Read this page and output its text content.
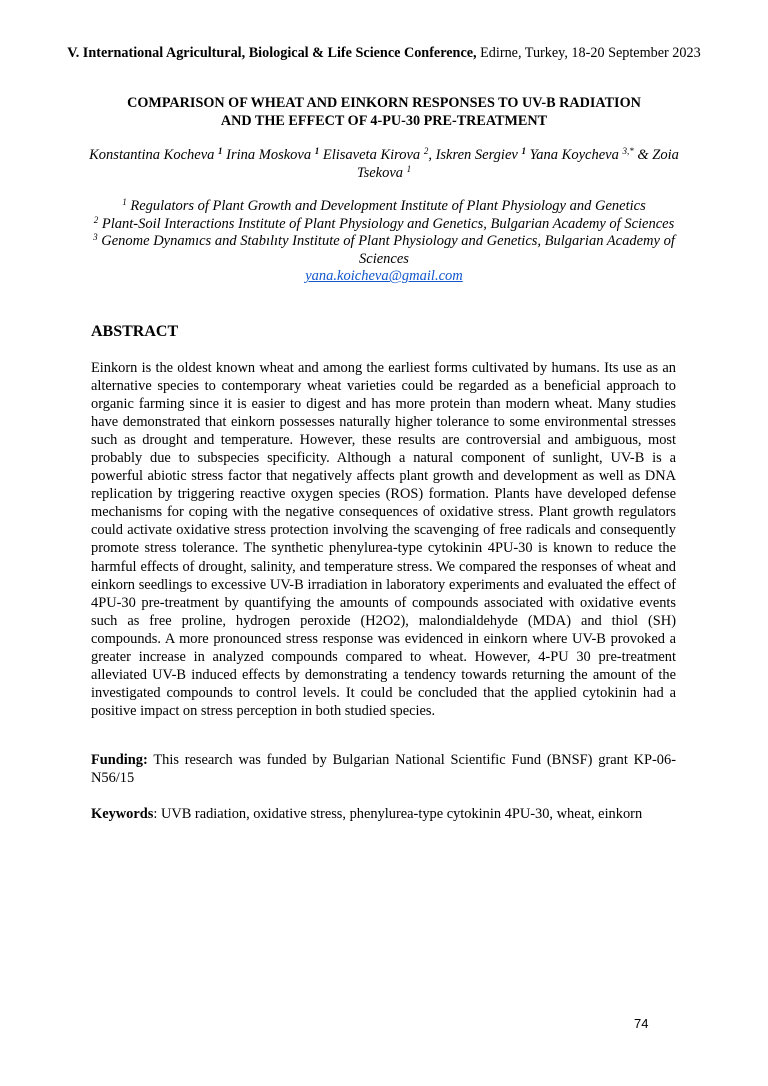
V. International Agricultural, Biological & Life Science Conference, Edirne, Turkey, 18-20 September 2023
COMPARISON OF WHEAT AND EINKORN RESPONSES TO UV-B RADIATION
AND THE EFFECT OF 4-PU-30 PRE-TREATMENT
Konstantina Kocheva $^1$ Irina Moskova $^1$ Elisaveta Kirova $^2$, Iskren Sergiev $^1$ Yana Koycheva $^{3,*}$ & Zoia Tsekova $^1$
$^1$ Regulators of Plant Growth and Development Institute of Plant Physiology and Genetics
$^2$ Plant-Soil Interactions Institute of Plant Physiology and Genetics, Bulgarian Academy of Sciences
$^3$ Genome Dynamıcs and Stabılıty Institute of Plant Physiology and Genetics, Bulgarian Academy of Sciences
yana.koicheva@gmail.com
ABSTRACT
Einkorn is the oldest known wheat and among the earliest forms cultivated by humans. Its use as an alternative species to contemporary wheat varieties could be regarded as a beneficial approach to organic farming since it is easier to digest and has more protein than modern wheat. Many studies have demonstrated that einkorn possesses naturally higher tolerance to some environmental stresses such as drought and temperature. However, these results are controversial and ambiguous, most probably due to subspecies specificity. Although a natural component of sunlight, UV-B is a powerful abiotic stress factor that negatively affects plant growth and development as well as DNA replication by triggering reactive oxygen species (ROS) formation. Plants have developed defense mechanisms for coping with the negative consequences of oxidative stress. Plant growth regulators could activate oxidative stress protection involving the scavenging of free radicals and consequently promote stress tolerance. The synthetic phenylurea-type cytokinin 4PU-30 is known to reduce the harmful effects of drought, salinity, and temperature stress. We compared the responses of wheat and einkorn seedlings to excessive UV-B irradiation in laboratory experiments and evaluated the effect of 4PU-30 pre-treatment by quantifying the amounts of compounds associated with oxidative events such as free proline, hydrogen peroxide (H2O2), malondialdehyde (MDA) and thiol (SH) compounds. A more pronounced stress response was evidenced in einkorn where UV-B provoked a greater increase in analyzed compounds compared to wheat. However, 4-PU 30 pre-treatment alleviated UV-B induced effects by demonstrating a tendency towards returning the amount of the investigated compounds to control levels. It could be concluded that the applied cytokinin had a positive impact on stress perception in both studied species.
Funding: This research was funded by Bulgarian National Scientific Fund (BNSF) grant KP-06-N56/15
Keywords: UVB radiation, oxidative stress, phenylurea-type cytokinin 4PU-30, wheat, einkorn
74
